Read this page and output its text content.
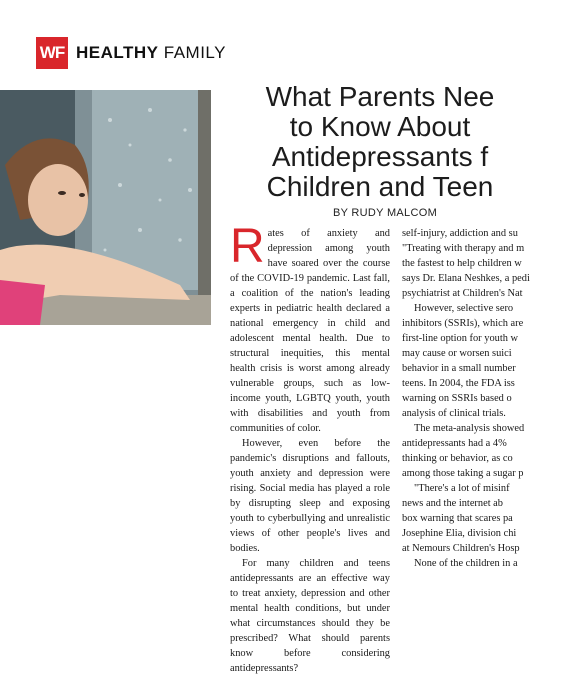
WF HEALTHY FAMILY
What Parents Nee
to Know About
Antidepressants f
Children and Teen
BY RUDY MALCOM

Rates of anxiety and depression among youth have soared over the course of the COVID-19 pandemic. Last fall, a coalition of the nation's leading experts in pediatric health declared a national emergency in child and adolescent mental health. Due to structural inequities, this mental health crisis is worst among already vulnerable groups, such as low-income youth, LGBTQ youth, youth with disabilities and youth from communities of color.

However, even before the pandemic's disruptions and fallouts, youth anxiety and depression were rising. Social media has played a role by disrupting sleep and exposing youth to cyberbullying and unrealistic views of other people's lives and bodies.

For many children and teens antidepressants are an effective way to treat anxiety, depression and other mental health conditions, but under what circumstances should they be prescribed? What should parents know before considering antidepressants?

self-injury, addiction and su
"Treating with therapy and m
the fastest to help children w
says Dr. Elana Neshkes, a pedi
psychiatrist at Children's Nat
However, selective sero
inhibitors (SSRIs), which are
first-line option for youth w
may cause or worsen suici
behavior in a small number
teens. In 2004, the FDA iss
warning on SSRIs based o
analysis of clinical trials.
The meta-analysis showed
antidepressants had a 4%
thinking or behavior, as co
among those taking a sugar p
"There's a lot of misinf
news and the internet ab
box warning that scares pa
Josephine Elia, division chi
at Nemours Children's Hosp
None of the children in a
